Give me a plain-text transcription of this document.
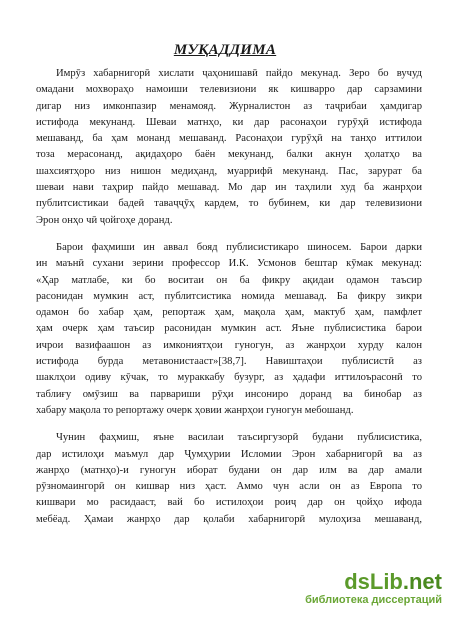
МУҚАДДИМА
Имрӯз хабарнигорӣ хислати ҷаҳонишавӣ пайдо мекунад. Зеро бо вучуд
омадани мохвораҳо намоиши телевизиони як кишварро дар сарзамини
дигар низ имконпазир менамояд. Журналистон аз таҷрибаи ҳамдигар
истифода мекунанд. Шеваи матнҳо, ки дар расонаҳои гурӯҳӣ истифода
мешаванд, ба ҳам монанд мешаванд. Расонаҳои гурӯҳӣ на танҳо иттилои
тоза мерасонанд, ақидаҳоро баён мекунанд, балки акнун ҳолатҳо ва
шахсиятҳоро низ нишон медиҳанд, муаррифӣ мекунанд. Пас, зарурат ба
шеваи нави таҳрир пайдо мешавад. Мо дар ин таҳлили худ ба жанрҳои
публитсистикаи бадеӣ таваҷҷӯҳ кардем, то бубинем, ки дар телевизиони
Эрон онҳо чӣ ҷойгоҳе доранд.
Барои фаҳмиши ин аввал бояд публисистикаро шиносем. Барои дарки
ин маънӣ сухани зерини профессор И.К. Усмонов бештар кӯмак мекунад:
«Ҳар матлабе, ки бо воситаи он ба фикру ақидаи одамон таъсир
расонидан мумкин аст, публитсистика номида мешавад. Ба фикру зикри
одамон бо хабар ҳам, репортаж ҳам, мақола ҳам, мактуб ҳам, памфлет
ҳам очерк ҳам таъсир расонидан мумкин аст. Яъне публисистика барои
ичрои вазифаашон аз имкониятҳои гуногун, аз жанрҳои хурду калон
истифода бурда метавонистааст»[38,7]. Навиштаҳои публисистӣ аз
шаклҳои одиву кӯчак, то мураккабу бузург, аз ҳадафи иттилоърасонӣ то
таблиғу омӯзиш ва парвариши рӯҳи инсониро доранд ва бинобар аз
хабару мақола то репортажу очерк ҳовии жанрҳои гуногун мебошанд.
Чунин фаҳмиш, яъне василаи таъсиргузорӣ будани публисистика,
дар истилоҳи маъмул дар Ҷумҳурии Исломии Эрон хабарнигорӣ ва аз
жанрҳо (матнҳо)-и гуногун иборат будани он дар илм ва дар амали
рӯзномаингорӣ он кишвар низ ҳаст. Аммо чун асли он аз Европа то
кишвари мо расидааст, вай бо истилоҳои роиҷ дар он ҷойҳо ифода
мебёад. Ҳамаи жанрҳо дар қолаби хабарнигорӣ мулоҳиза мешаванд,
dsLib.net
библиотека диссертаций
